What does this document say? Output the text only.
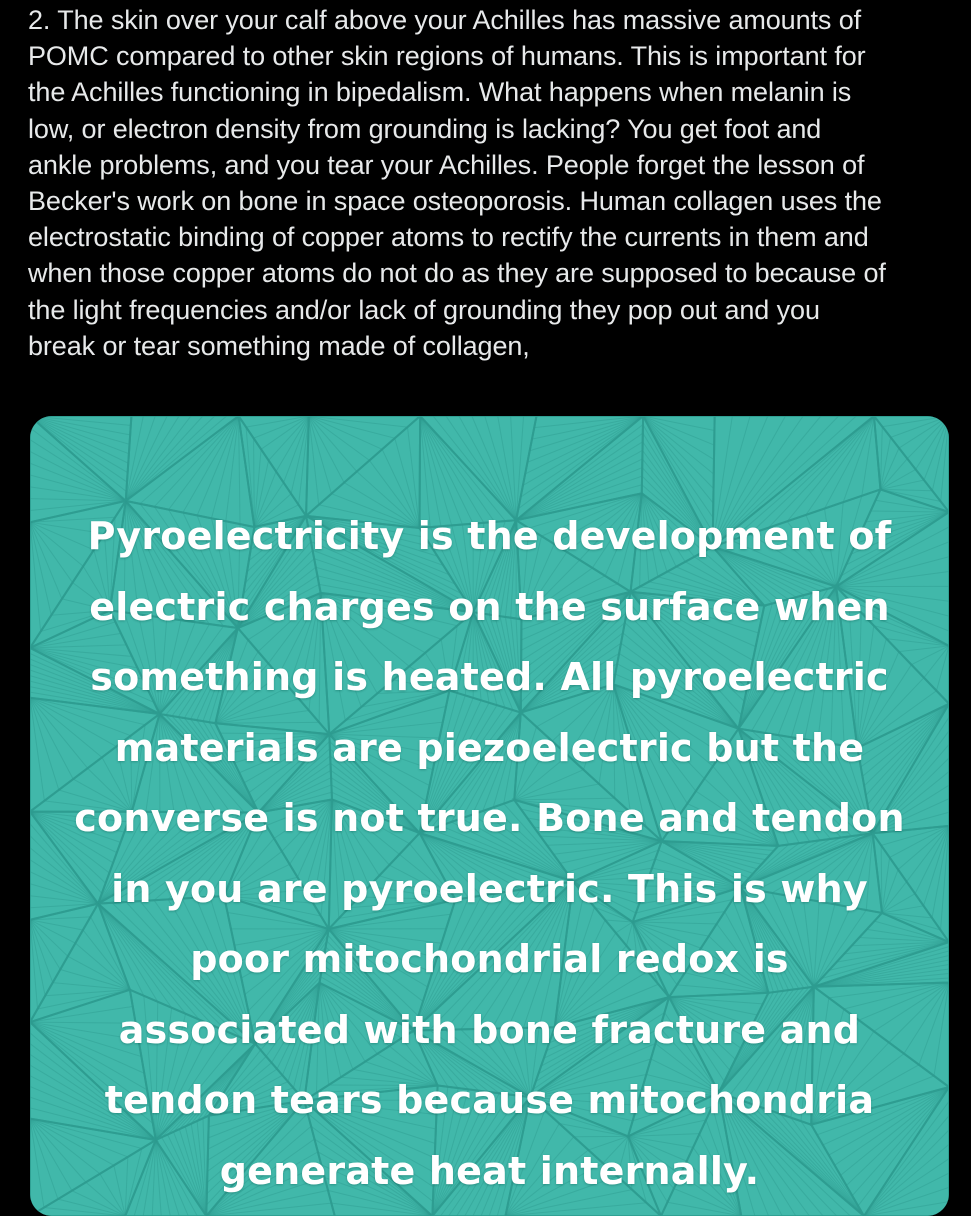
2. The skin over your calf above your Achilles has massive amounts of
POMC compared to other skin regions of humans. This is important for
the Achilles functioning in bipedalism. What happens when melanin is
low, or electron density from grounding is lacking? You get foot and
ankle problems, and you tear your Achilles. People forget the lesson of
Becker's work on bone in space osteoporosis. Human collagen uses the
electrostatic binding of copper atoms to rectify the currents in them and
when those copper atoms do not do as they are supposed to because of
the light frequencies and/or lack of grounding they pop out and you
break or tear something made of collagen,

Pyroelectricity is the development of
electric charges on the surface when
something is heated. All pyroelectric
materials are piezoelectric but the
converse is not true. Bone and tendon
in you are pyroelectric. This is why
poor mitochondrial redox is
associated with bone fracture and
tendon tears because mitochondria
generate heat internally.
